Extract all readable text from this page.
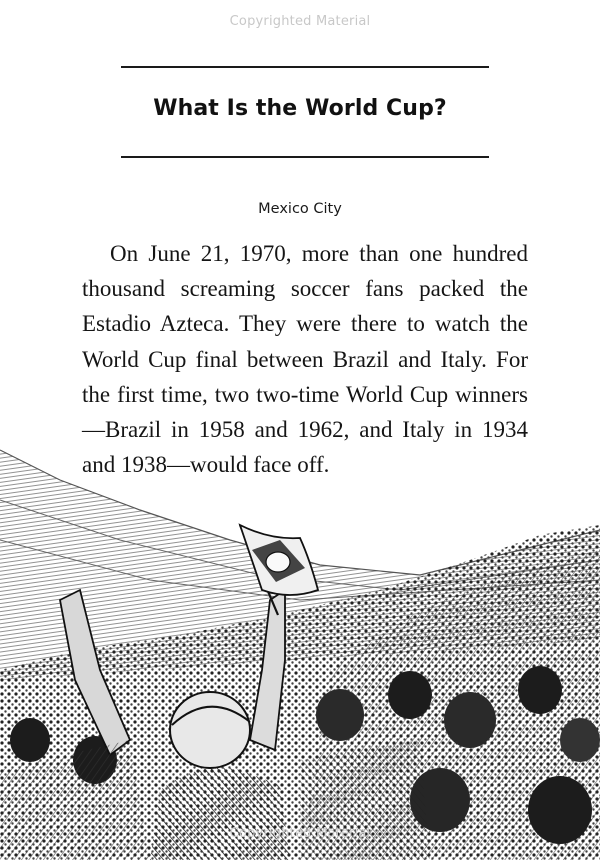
Copyrighted Material
What Is the World Cup?
Mexico City

On June 21, 1970, more than one hundred thousand screaming soccer fans packed the Estadio Azteca. They were there to watch the World Cup final between Brazil and Italy. For the first time, two two-time World Cup winners—Brazil in 1958 and 1962, and Italy in 1934 and 1938—would face off.

Copyrighted Material
